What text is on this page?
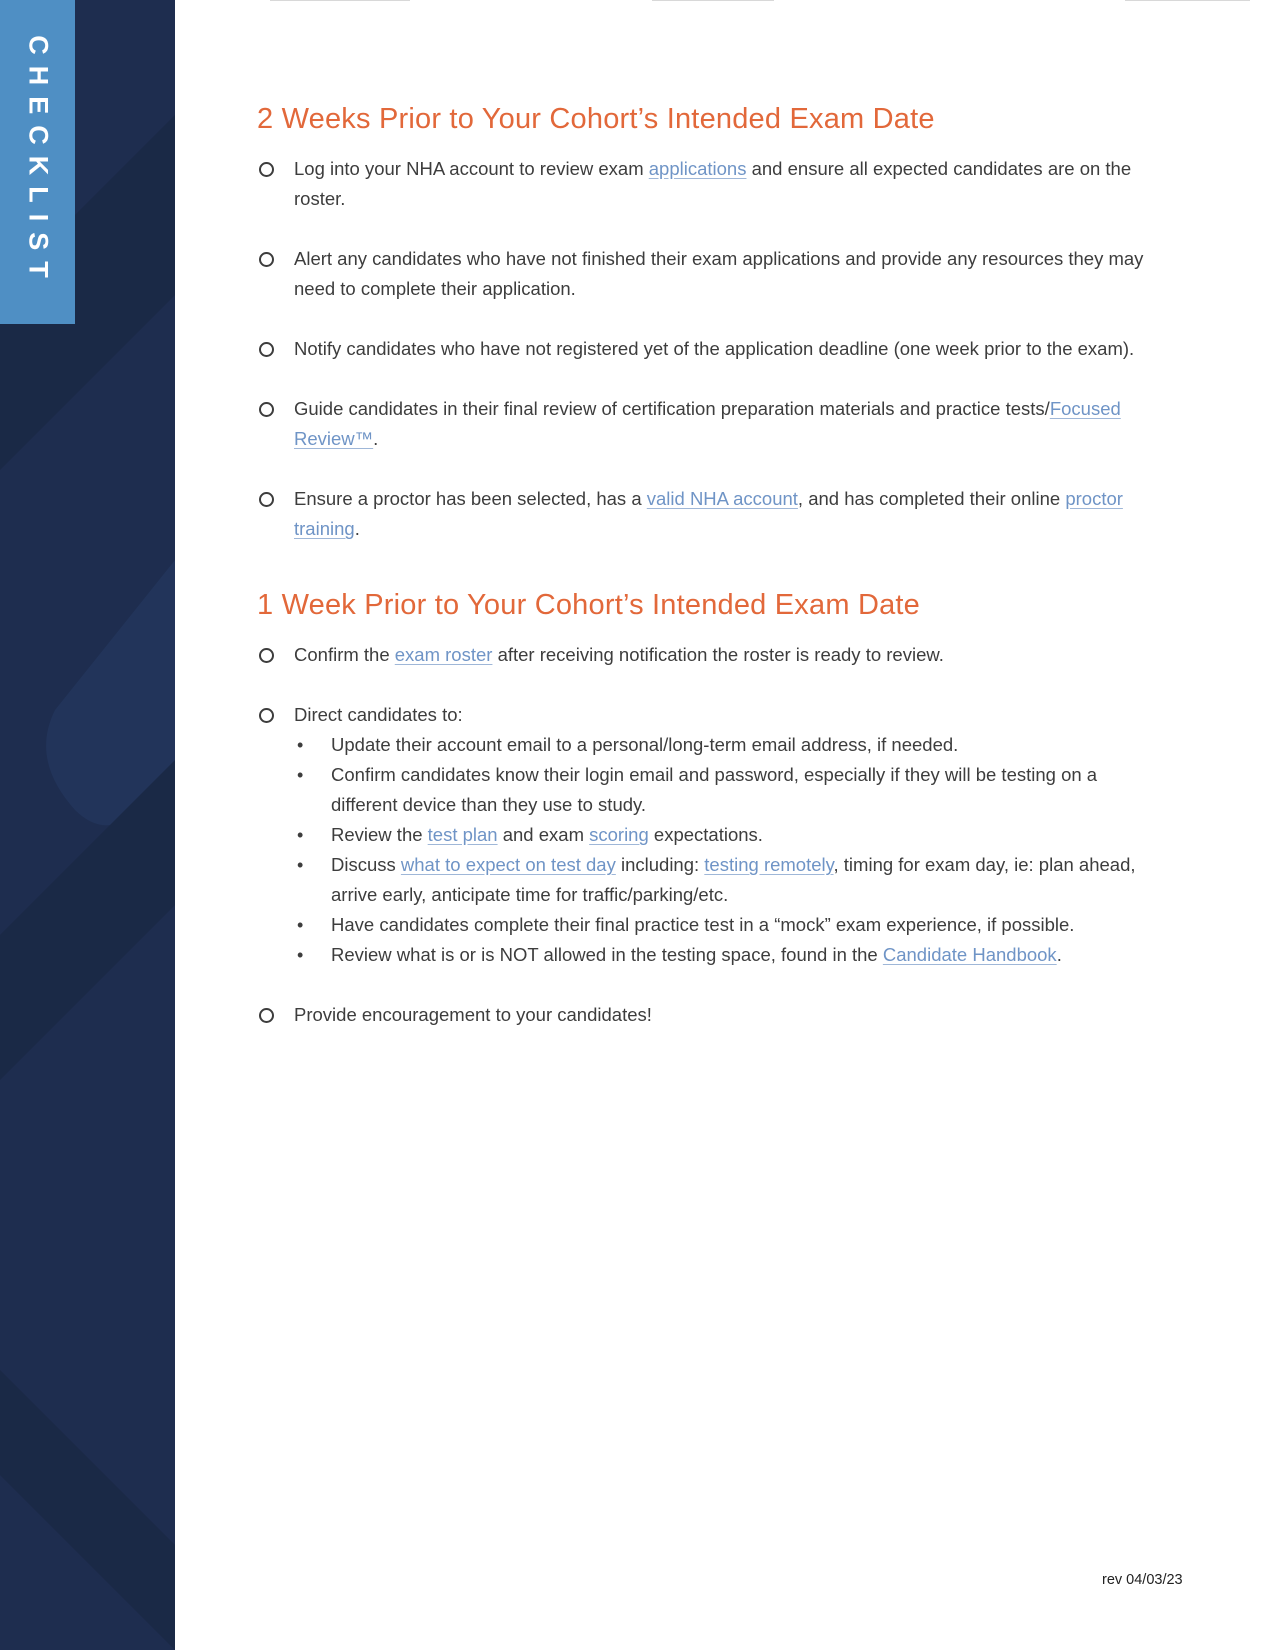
CHECKLIST	2 Weeks Prior to Your Cohort’s Intended Exam Date
Log into your NHA account to review exam applications and ensure all expected candidates are on the roster.
Alert any candidates who have not finished their exam applications and provide any resources they may need to complete their application.
Notify candidates who have not registered yet of the application deadline (one week prior to the exam).
Guide candidates in their final review of certification preparation materials and practice tests/Focused Review™.
Ensure a proctor has been selected, has a valid NHA account, and has completed their online proctor training.
1 Week Prior to Your Cohort’s Intended Exam Date
Confirm the exam roster after receiving notification the roster is ready to review.
Direct candidates to:
• Update their account email to a personal/long-term email address, if needed.
• Confirm candidates know their login email and password, especially if they will be testing on a different device than they use to study.
• Review the test plan and exam scoring expectations.
• Discuss what to expect on test day including: testing remotely, timing for exam day, ie: plan ahead, arrive early, anticipate time for traffic/parking/etc.
• Have candidates complete their final practice test in a “mock” exam experience, if possible.
• Review what is or is NOT allowed in the testing space, found in the Candidate Handbook.
Provide encouragement to your candidates!
rev 04/03/23
